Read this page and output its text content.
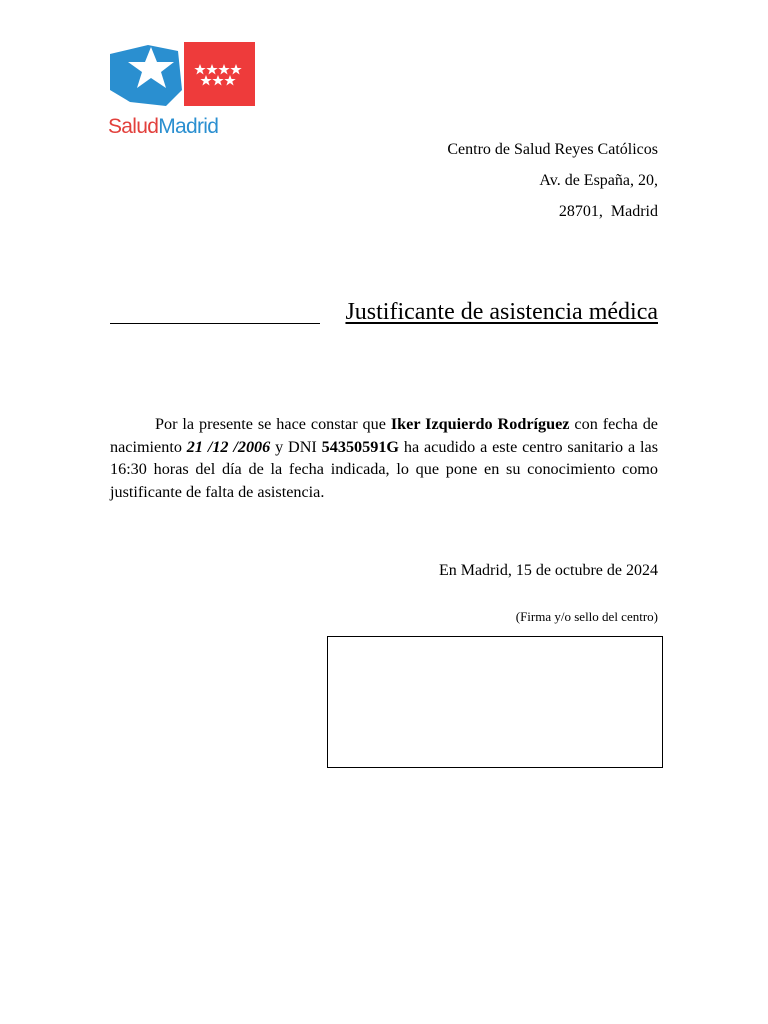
SaludMadrid
Centro de Salud Reyes Católicos
Av. de España, 20,
28701,  Madrid
Justificante de asistencia médica

Por la presente se hace constar que Iker Izquierdo Rodríguez con fecha de nacimiento 21 /12 /2006 y DNI 54350591G ha acudido a este centro sanitario a las 16:30 horas del día de la fecha indicada, lo que pone en su conocimiento como justificante de falta de asistencia.

En Madrid, 15 de octubre de 2024
(Firma y/o sello del centro)
